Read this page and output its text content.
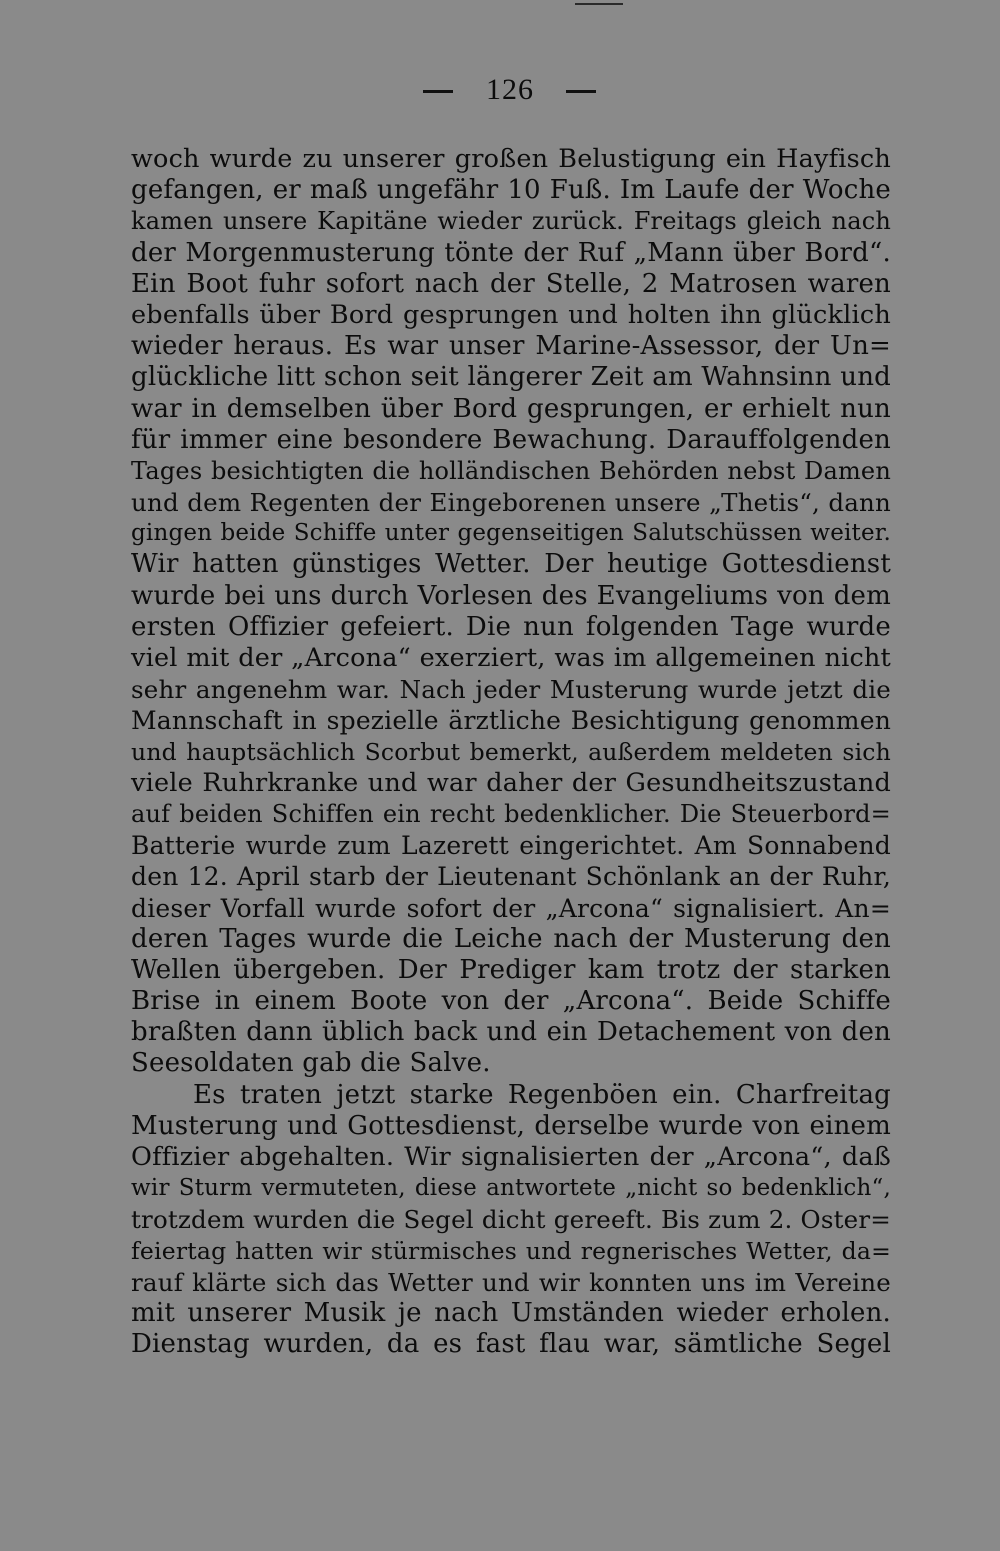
126
woch wurde zu unserer großen Belustigung ein Hayfisch
gefangen, er maß ungefähr 10 Fuß. Im Laufe der Woche
kamen unsere Kapitäne wieder zurück. Freitags gleich nach
der Morgenmusterung tönte der Ruf „Mann über Bord“.
Ein Boot fuhr sofort nach der Stelle, 2 Matrosen waren
ebenfalls über Bord gesprungen und holten ihn glücklich
wieder heraus. Es war unser Marine-Assessor, der Un=
glückliche litt schon seit längerer Zeit am Wahnsinn und
war in demselben über Bord gesprungen, er erhielt nun
für immer eine besondere Bewachung. Darauffolgenden
Tages besichtigten die holländischen Behörden nebst Damen
und dem Regenten der Eingeborenen unsere „Thetis“, dann
gingen beide Schiffe unter gegenseitigen Salutschüssen weiter.
Wir hatten günstiges Wetter. Der heutige Gottesdienst
wurde bei uns durch Vorlesen des Evangeliums von dem
ersten Offizier gefeiert. Die nun folgenden Tage wurde
viel mit der „Arcona“ exerziert, was im allgemeinen nicht
sehr angenehm war. Nach jeder Musterung wurde jetzt die
Mannschaft in spezielle ärztliche Besichtigung genommen
und hauptsächlich Scorbut bemerkt, außerdem meldeten sich
viele Ruhrkranke und war daher der Gesundheitszustand
auf beiden Schiffen ein recht bedenklicher. Die Steuerbord=
Batterie wurde zum Lazerett eingerichtet. Am Sonnabend
den 12. April starb der Lieutenant Schönlank an der Ruhr,
dieser Vorfall wurde sofort der „Arcona“ signalisiert. An=
deren Tages wurde die Leiche nach der Musterung den
Wellen übergeben. Der Prediger kam trotz der starken
Brise in einem Boote von der „Arcona“. Beide Schiffe
braßten dann üblich back und ein Detachement von den
Seesoldaten gab die Salve.
Es traten jetzt starke Regenböen ein. Charfreitag
Musterung und Gottesdienst, derselbe wurde von einem
Offizier abgehalten. Wir signalisierten der „Arcona“, daß
wir Sturm vermuteten, diese antwortete „nicht so bedenklich“,
trotzdem wurden die Segel dicht gereeft. Bis zum 2. Oster=
feiertag hatten wir stürmisches und regnerisches Wetter, da=
rauf klärte sich das Wetter und wir konnten uns im Vereine
mit unserer Musik je nach Umständen wieder erholen.
Dienstag wurden, da es fast flau war, sämtliche Segel
